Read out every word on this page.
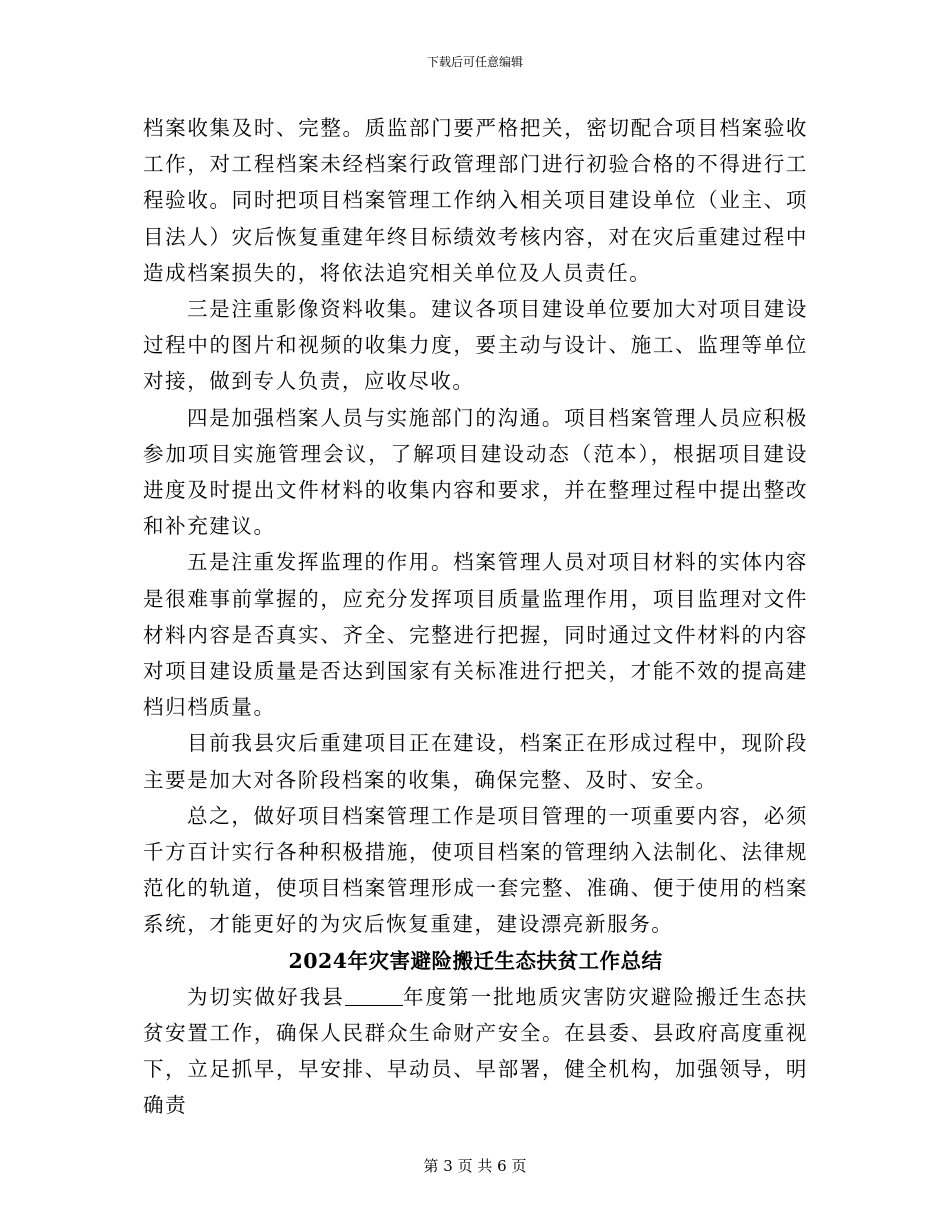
下载后可任意编辑

档案收集及时、完整。质监部门要严格把关，密切配合项目档案验收工作，对工程档案未经档案行政管理部门进行初验合格的不得进行工程验收。同时把项目档案管理工作纳入相关项目建设单位（业主、项目法人）灾后恢复重建年终目标绩效考核内容，对在灾后重建过程中造成档案损失的，将依法追究相关单位及人员责任。

三是注重影像资料收集。建议各项目建设单位要加大对项目建设过程中的图片和视频的收集力度，要主动与设计、施工、监理等单位对接，做到专人负责，应收尽收。

四是加强档案人员与实施部门的沟通。项目档案管理人员应积极参加项目实施管理会议，了解项目建设动态（范本），根据项目建设进度及时提出文件材料的收集内容和要求，并在整理过程中提出整改和补充建议。

五是注重发挥监理的作用。档案管理人员对项目材料的实体内容是很难事前掌握的，应充分发挥项目质量监理作用，项目监理对文件材料内容是否真实、齐全、完整进行把握，同时通过文件材料的内容对项目建设质量是否达到国家有关标准进行把关，才能不效的提高建档归档质量。

目前我县灾后重建项目正在建设，档案正在形成过程中，现阶段主要是加大对各阶段档案的收集，确保完整、及时、安全。

总之，做好项目档案管理工作是项目管理的一项重要内容，必须千方百计实行各种积极措施，使项目档案的管理纳入法制化、法律规范化的轨道，使项目档案管理形成一套完整、准确、便于使用的档案系统，才能更好的为灾后恢复重建，建设漂亮新服务。

2024年灾害避险搬迁生态扶贫工作总结

为切实做好我县	年度第一批地质灾害防灾避险搬迁生态扶贫安置工作，确保人民群众生命财产安全。在县委、县政府高度重视下，立足抓早，早安排、早动员、早部署，健全机构，加强领导，明确责

第 3 页 共 6 页
